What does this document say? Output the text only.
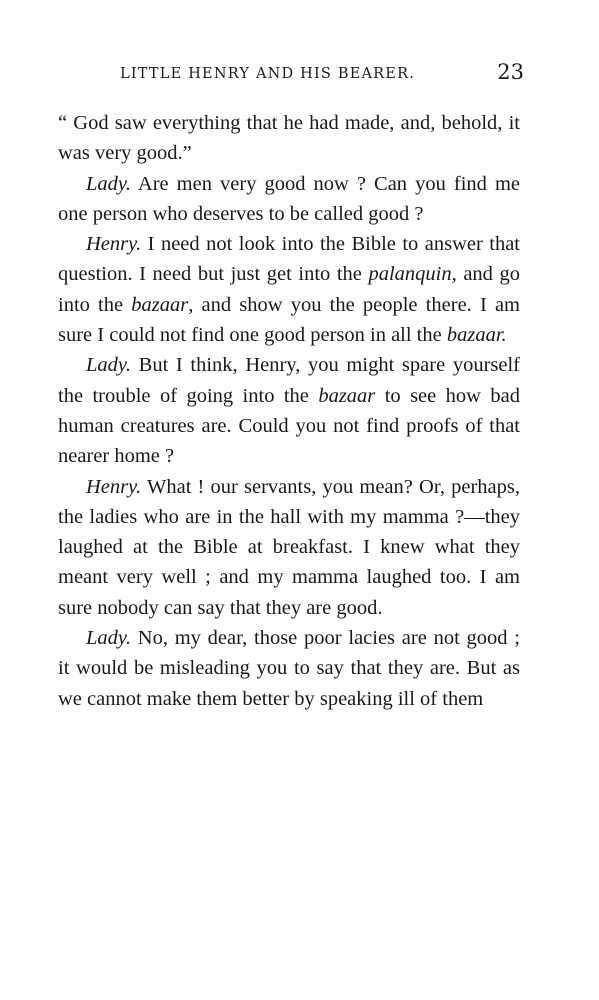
LITTLE HENRY AND HIS BEARER.	23

“ God saw everything that he had made, and, behold, it was very good.”

Lady. Are men very good now ? Can you find me one person who deserves to be called good ?

Henry. I need not look into the Bible to answer that question. I need but just get into the palanquin, and go into the bazaar, and show you the people there. I am sure I could not find one good person in all the bazaar.

Lady. But I think, Henry, you might spare yourself the trouble of going into the bazaar to see how bad human creatures are. Could you not find proofs of that nearer home ?

Henry. What ! our servants, you mean? Or, perhaps, the ladies who are in the hall with my mamma ?—they laughed at the Bible at breakfast. I knew what they meant very well ; and my mamma laughed too. I am sure nobody can say that they are good.

Lady. No, my dear, those poor lacies are not good ; it would be misleading you to say that they are. But as we cannot make them better by speaking ill of them
